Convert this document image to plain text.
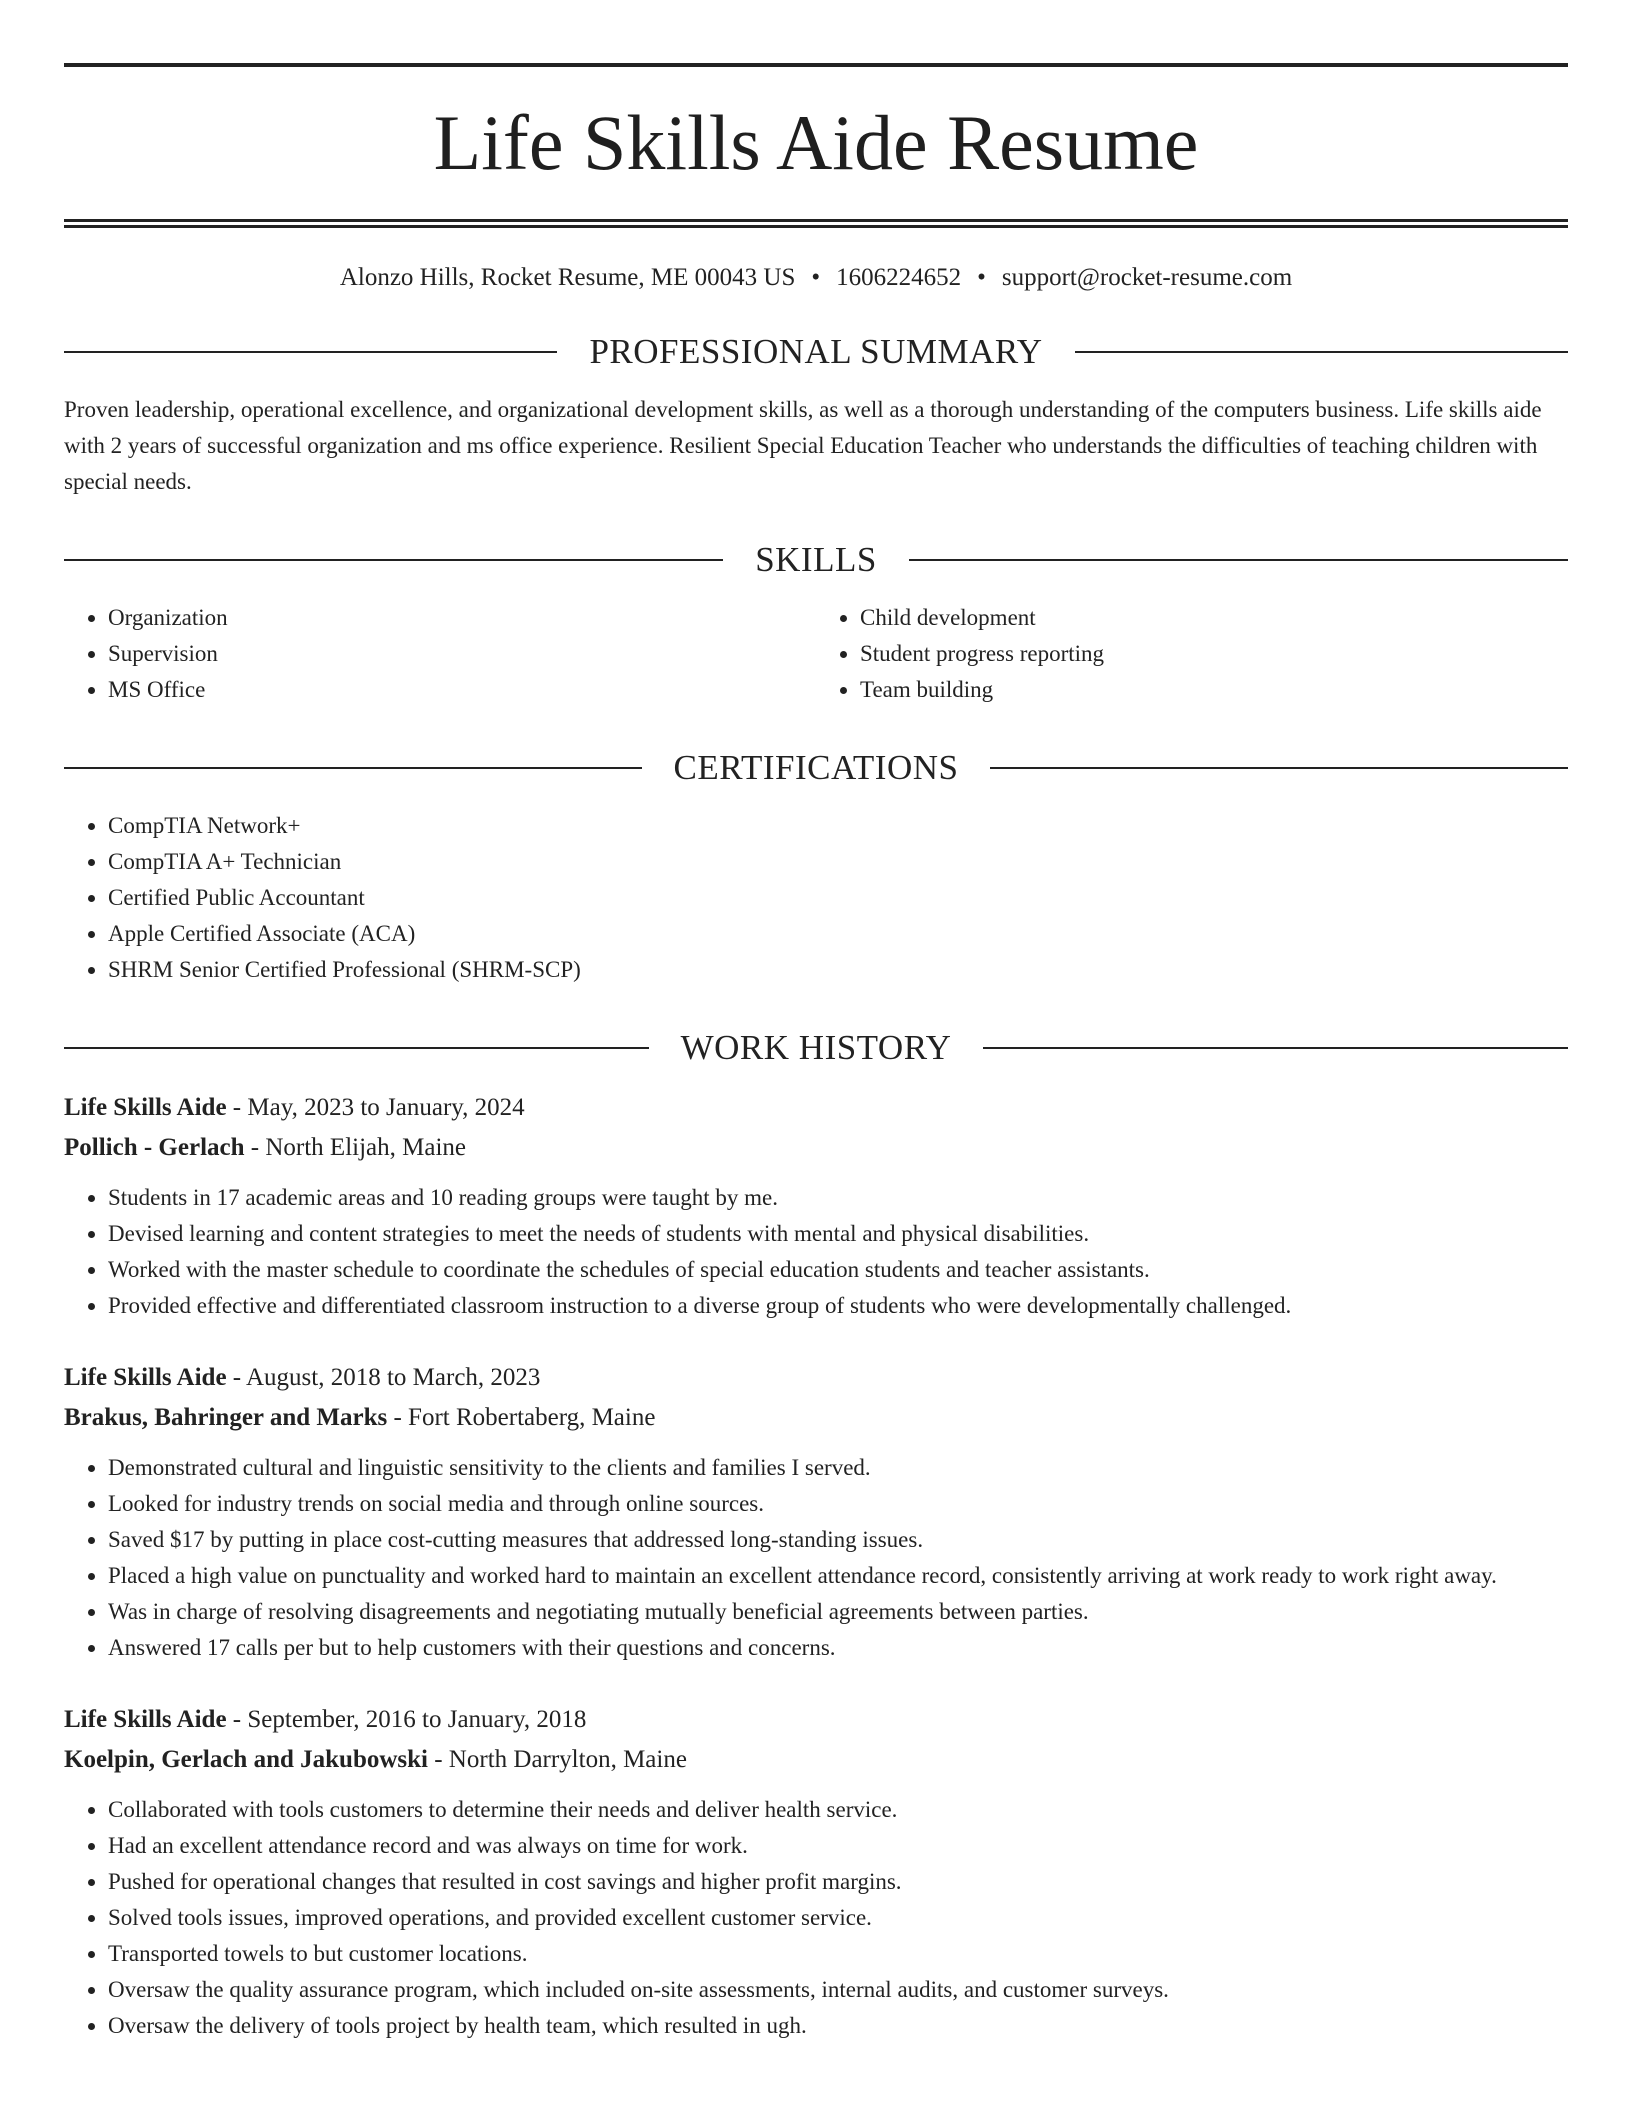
Life Skills Aide Resume
Alonzo Hills, Rocket Resume, ME 00043 US • 1606224652 • support@rocket-resume.com
PROFESSIONAL SUMMARY

Proven leadership, operational excellence, and organizational development skills, as well as a thorough understanding of the computers business. Life skills aide with 2 years of successful organization and ms office experience. Resilient Special Education Teacher who understands the difficulties of teaching children with special needs.

SKILLS
• Organization
• Supervision
• MS Office
• Child development
• Student progress reporting
• Team building
CERTIFICATIONS
• CompTIA Network+
• CompTIA A+ Technician
• Certified Public Accountant
• Apple Certified Associate (ACA)
• SHRM Senior Certified Professional (SHRM-SCP)
WORK HISTORY
Life Skills Aide - May, 2023 to January, 2024
Pollich - Gerlach - North Elijah, Maine
• Students in 17 academic areas and 10 reading groups were taught by me.
• Devised learning and content strategies to meet the needs of students with mental and physical disabilities.
• Worked with the master schedule to coordinate the schedules of special education students and teacher assistants.
• Provided effective and differentiated classroom instruction to a diverse group of students who were developmentally challenged.
Life Skills Aide - August, 2018 to March, 2023
Brakus, Bahringer and Marks - Fort Robertaberg, Maine
• Demonstrated cultural and linguistic sensitivity to the clients and families I served.
• Looked for industry trends on social media and through online sources.
• Saved $17 by putting in place cost-cutting measures that addressed long-standing issues.
• Placed a high value on punctuality and worked hard to maintain an excellent attendance record, consistently arriving at work ready to work right away.
• Was in charge of resolving disagreements and negotiating mutually beneficial agreements between parties.
• Answered 17 calls per but to help customers with their questions and concerns.
Life Skills Aide - September, 2016 to January, 2018
Koelpin, Gerlach and Jakubowski - North Darrylton, Maine
• Collaborated with tools customers to determine their needs and deliver health service.
• Had an excellent attendance record and was always on time for work.
• Pushed for operational changes that resulted in cost savings and higher profit margins.
• Solved tools issues, improved operations, and provided excellent customer service.
• Transported towels to but customer locations.
• Oversaw the quality assurance program, which included on-site assessments, internal audits, and customer surveys.
• Oversaw the delivery of tools project by health team, which resulted in ugh.
